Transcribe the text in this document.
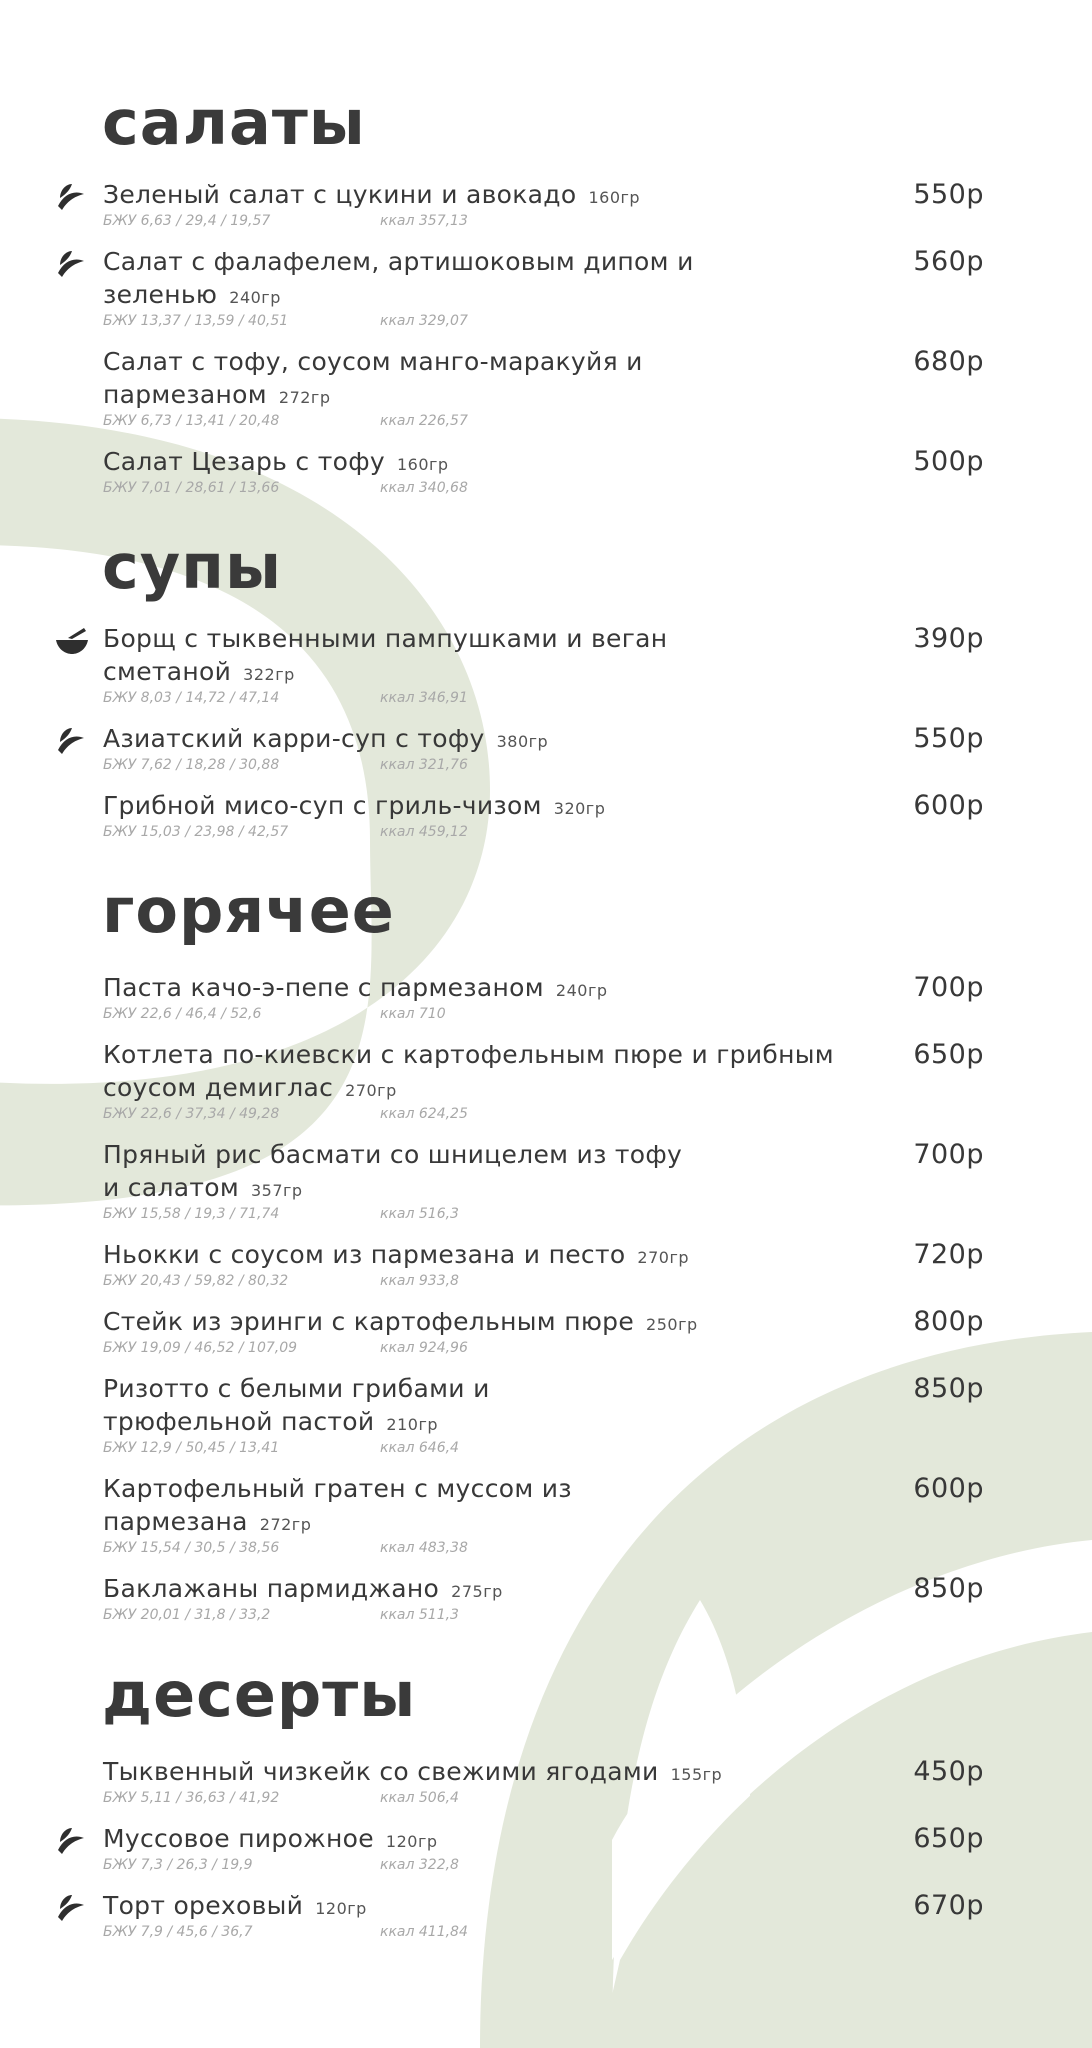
салаты
Зеленый салат с цукини и авокадо 160гр
БЖУ 6,63 / 29,4 / 19,57	ккал 357,13
550р
Салат с фалафелем, артишоковым дипом и зеленью 240гр
БЖУ 13,37 / 13,59 / 40,51	ккал 329,07
560р
Салат с тофу, соусом манго-маракуйя и пармезаном 272гр
БЖУ 6,73 / 13,41 / 20,48	ккал 226,57
680р
Салат Цезарь с тофу 160гр
БЖУ 7,01 / 28,61 / 13,66	ккал 340,68
500р
супы
Борщ с тыквенными пампушками и веган сметаной 322гр
БЖУ 8,03 / 14,72 / 47,14	ккал 346,91
390р
Азиатский карри-суп с тофу 380гр
БЖУ 7,62 / 18,28 / 30,88	ккал 321,76
550р
Грибной мисо-суп с гриль-чизом 320гр
БЖУ 15,03 / 23,98 / 42,57	ккал 459,12
600р
горячее
Паста качо-э-пепе с пармезаном 240гр
БЖУ 22,6 / 46,4 / 52,6	ккал 710
700р
Котлета по-киевски с картофельным пюре и грибным соусом демиглас 270гр
БЖУ 22,6 / 37,34 / 49,28	ккал 624,25
650р
Пряный рис басмати со шницелем из тофу и салатом 357гр
БЖУ 15,58 / 19,3 / 71,74	ккал 516,3
700р
Ньокки с соусом из пармезана и песто 270гр
БЖУ 20,43 / 59,82 / 80,32	ккал 933,8
720р
Стейк из эринги с картофельным пюре 250гр
БЖУ 19,09 / 46,52 / 107,09	ккал 924,96
800р
Ризотто с белыми грибами и трюфельной пастой 210гр
БЖУ 12,9 / 50,45 / 13,41	ккал 646,4
850р
Картофельный гратен с муссом из пармезана 272гр
БЖУ 15,54 / 30,5 / 38,56	ккал 483,38
600р
Баклажаны пармиджано 275гр
БЖУ 20,01 / 31,8 / 33,2	ккал 511,3
850р
десерты
Тыквенный чизкейк со свежими ягодами 155гр
БЖУ 5,11 / 36,63 / 41,92	ккал 506,4
450р
Муссовое пирожное 120гр
БЖУ 7,3 / 26,3 / 19,9	ккал 322,8
650р
Торт ореховый 120гр
БЖУ 7,9 / 45,6 / 36,7	ккал 411,84
670р
